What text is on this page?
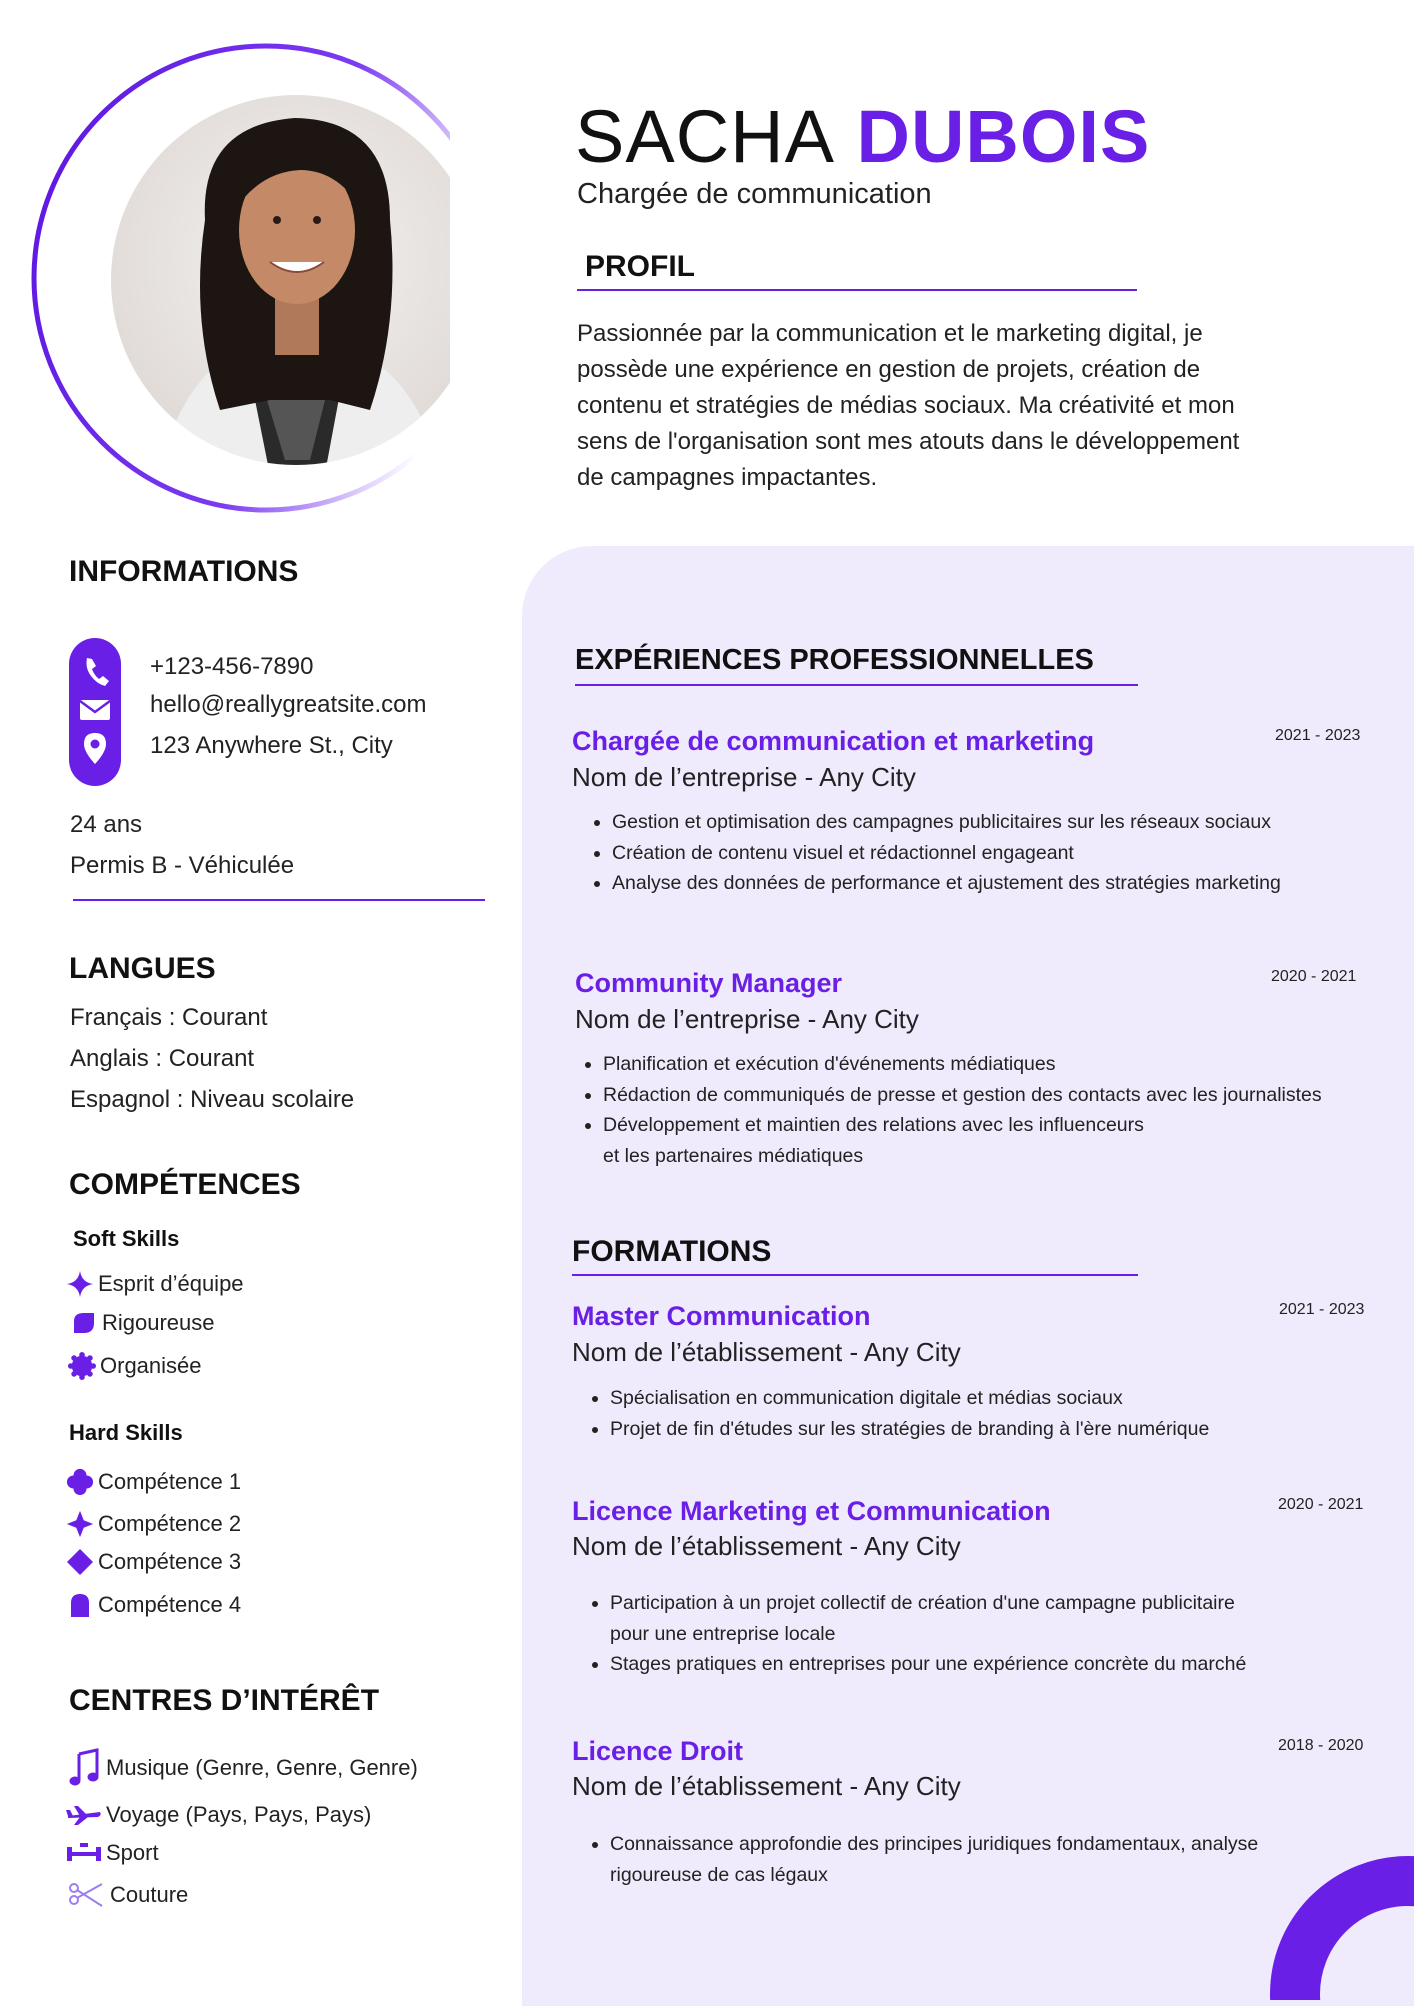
SACHA DUBOIS
Chargée de communication
PROFIL
Passionnée par la communication et le marketing digital, je possède une expérience en gestion de projets, création de contenu et stratégies de médias sociaux. Ma créativité et mon sens de l'organisation sont mes atouts dans le développement de campagnes impactantes.
INFORMATIONS
+123-456-7890
hello@reallygreatsite.com
123 Anywhere St., City
24 ans
Permis B - Véhiculée
LANGUES
Français : Courant
Anglais : Courant
Espagnol : Niveau scolaire
COMPÉTENCES
Soft Skills
Esprit d’équipe
Rigoureuse
Organisée
Hard Skills
Compétence 1
Compétence 2
Compétence 3
Compétence 4
CENTRES D’INTÉRÊT
Musique (Genre, Genre, Genre)
Voyage (Pays, Pays, Pays)
Sport
Couture
EXPÉRIENCES PROFESSIONNELLES
Chargée de communication et marketing	2021 - 2023
Nom de l’entreprise - Any City
• Gestion et optimisation des campagnes publicitaires sur les réseaux sociaux
• Création de contenu visuel et rédactionnel engageant
• Analyse des données de performance et ajustement des stratégies marketing
Community Manager	2020 - 2021
Nom de l’entreprise - Any City
• Planification et exécution d'événements médiatiques
• Rédaction de communiqués de presse et gestion des contacts avec les journalistes
• Développement et maintien des relations avec les influenceurs
et les partenaires médiatiques
FORMATIONS
Master Communication	2021 - 2023
Nom de l’établissement - Any City
• Spécialisation en communication digitale et médias sociaux
• Projet de fin d'études sur les stratégies de branding à l'ère numérique
Licence Marketing et Communication	2020 - 2021
Nom de l’établissement - Any City
• Participation à un projet collectif de création d'une campagne publicitaire pour une entreprise locale
• Stages pratiques en entreprises pour une expérience concrète du marché
Licence Droit	2018 - 2020
Nom de l’établissement - Any City
• Connaissance approfondie des principes juridiques fondamentaux, analyse rigoureuse de cas légaux
